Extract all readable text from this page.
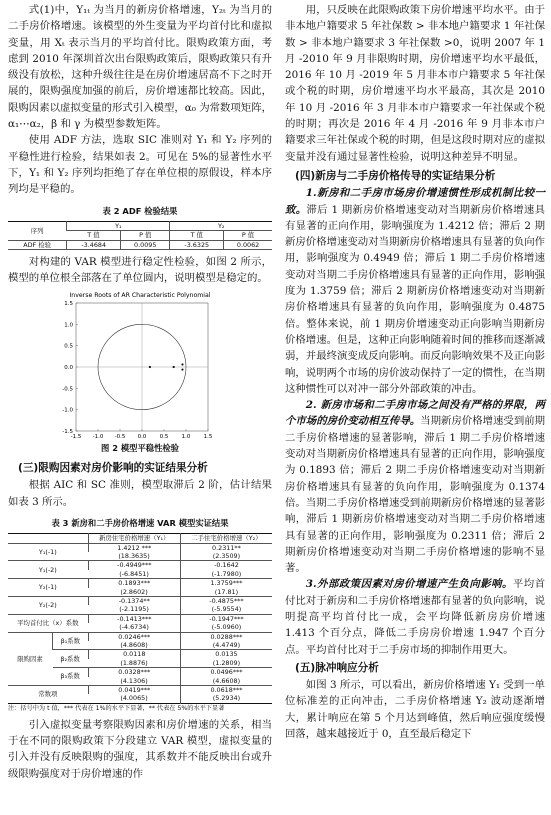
式(1)中，Y₁ₜ 为当月的新房价格增速，Y₂ₜ 为当月的二手房价格增速。该模型的外生变量为平均首付比和虚拟变量，用 Xₜ 表示当月的平均首付比。限购政策方面，考虑到 2010 年深圳首次出台限购政策后，限购政策只有升级没有放松，这种升级往往是在房价增速居高不下之时开展的，限购强度加强的前后，房价增速都比较高。因此，限购因素以虚拟变量的形式引入模型，α₀ 为常数项矩阵，α₁⋯α₂，β 和 γ 为模型参数矩阵。

使用 ADF 方法，选取 SIC 准则对 Y₁ 和 Y₂ 序列的平稳性进行检验，结果如表 2。可见在 5%的显著性水平下，Y₁ 和 Y₂ 序列均拒绝了存在单位根的原假设，样本序列均是平稳的。

表 2 ADF 检验结果
序列	Y₁		Y₂	
	T 值	P 值	T 值	P 值
ADF 检验	-3.4684	0.0095	-3.6325	0.0062

对构建的 VAR 模型进行稳定性检验，如图 2 所示，模型的单位根全部落在了单位圆内，说明模型是稳定的。

Inverse Roots of AR Characteristic Polynomial
1.5
1.0
0.5
0.0
-0.5
-1.0
-1.5
-1.5 -1.0 -0.5 0.0 0.5 1.0 1.5
图 2 模型平稳性检验
(三)限购因素对房价影响的实证结果分析

根据 AIC 和 SC 准则，模型取滞后 2 阶，估计结果如表 3 所示。

表 3 新房和二手房价格增速 VAR 模型实证结果
		新房住宅价格增速（Y₁）	二手住宅价格增速（Y₂）
Y₁(-1)		1.4212 ***	0.2311**
		(18.3635)	(2.3509)
Y₁(-2)		-0.4949***	-0.1642
		(-6.8451)	(-1.7980)
Y₂(-1)		0.1893***	1.3759***
		(2.8602)	(17.81)
Y₂(-2)		-0.1374**	-0.4875***
		(-2.1195)	(-5.9554)
平均首付比（x）系数		-0.1413***	-0.1947***
		(-4.6734)	(-5.0960)
限购因素	β₁系数	0.0246***	0.0288***
		(4.8608)	(4.4749)
	β₂系数	0.0118	0.0135
		(1.8876)	(1.2809)
	β₃系数	0.0328***	0.0496***
		(4.1306)	(4.6608)
常数项		0.0419***	0.0618***
		(4.0065)	(5.2934)
注：括号中为 t 值，*** 代表在 1%的水平下显著，** 代表在 5%的水平下显著

引入虚拟变量考察限购因素和房价增速的关系，相当于在不同的限购政策下分段建立 VAR 模型，虚拟变量的引入并没有反映限购的强度，其系数并不能反映出台或升级限购强度对于房价增速的作

用，只反映在此限购政策下房价增速平均水平。由于非本地户籍要求 5 年社保数 > 非本地户籍要求 1 年社保数 > 非本地户籍要求 3 年社保数 >0，说明 2007 年 1 月 -2010 年 9 月非限购时期，房价增速平均水平最低，2016 年 10 月 -2019 年 5 月非本市户籍要求 5 年社保或个税的时期，房价增速平均水平最高，其次是 2010 年 10 月 -2016 年 3 月非本市户籍要求一年社保或个税的时期；再次是 2016 年 4 月 -2016 年 9 月非本市户籍要求三年社保或个税的时期，但是这段时期对应的虚拟变量并没有通过显著性检验，说明这种差异不明显。

(四)新房与二手房价格传导的实证结果分析

1.新房和二手房市场房价增速惯性形成机制比较一致。滞后 1 期新房价格增速变动对当期新房价格增速具有显著的正向作用，影响强度为 1.4212 倍；滞后 2 期新房价格增速变动对当期新房价格增速具有显著的负向作用，影响强度为 0.4949 倍；滞后 1 期二手房价格增速变动对当期二手房价格增速具有显著的正向作用，影响强度为 1.3759 倍；滞后 2 期新房价格增速变动对当期新房价格增速具有显著的负向作用，影响强度为 0.4875 倍。整体来说，前 1 期房价增速变动正向影响当期新房价格增速。但是，这种正向影响随着时间的推移而逐渐减弱，并最终演变成反向影响。而反向影响效果不及正向影响，说明两个市场的房价波动保持了一定的惯性，在当期这种惯性可以对冲一部分外部政策的冲击。

2. 新房市场和二手房市场之间没有严格的界限，两个市场的房价变动相互传导。当期新房价格增速受到前期二手房价格增速的显著影响，滞后 1 期二手房价格增速变动对当期新房价格增速具有显著的正向作用，影响强度为 0.1893 倍；滞后 2 期二手房价格增速变动对当期新房价格增速具有显著的负向作用，影响强度为 0.1374 倍。当期二手房价格增速受到前期新房价格增速的显著影响，滞后 1 期新房价格增速变动对当期二手房价格增速具有显著的正向作用，影响强度为 0.2311 倍；滞后 2 期新房价格增速变动对当期二手房价格增速的影响不显著。

3.外部政策因素对房价增速产生负向影响。平均首付比对于新房和二手房价格增速都有显著的负向影响，说明提高平均首付比一成，会平均降低新房房价增速 1.413 个百分点，降低二手房房价增速 1.947 个百分点。平均首付比对于二手房市场的抑制作用更大。

(五)脉冲响应分析

如图 3 所示，可以看出，新房价格增速 Y₁ 受到一单位标准差的正向冲击，二手房价格增速 Y₂ 波动逐渐增大，累计响应在第 5 个月达到峰值，然后响应强度缓慢回落，越来越接近于 0，直至最后稳定下
